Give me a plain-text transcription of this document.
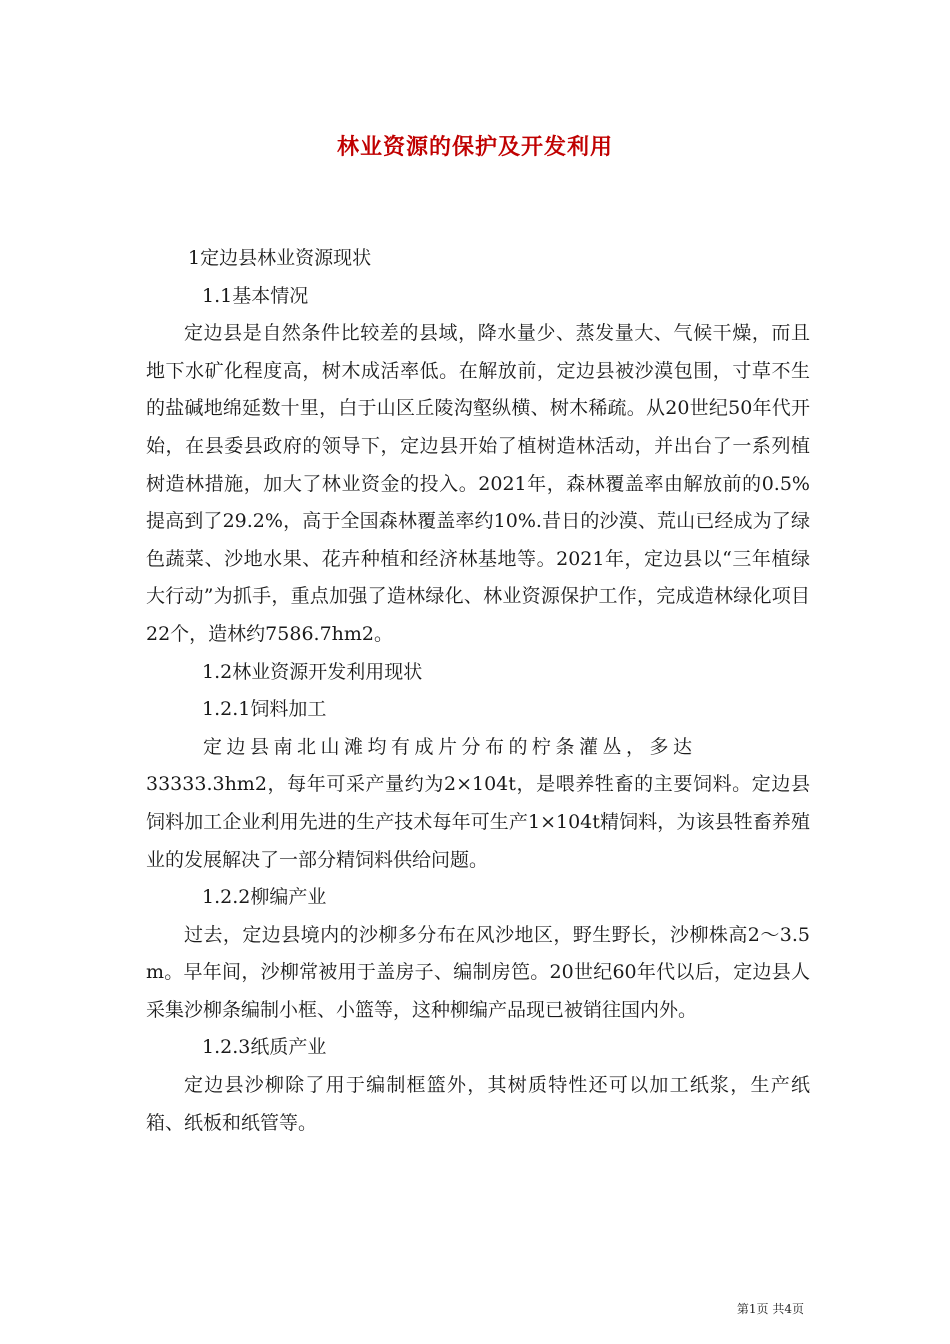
林业资源的保护及开发利用

1定边县林业资源现状

1.1基本情况

定边县是自然条件比较差的县域，降水量少、蒸发量大、气候干燥，而且地下水矿化程度高，树木成活率低。在解放前，定边县被沙漠包围，寸草不生的盐碱地绵延数十里，白于山区丘陵沟壑纵横、树木稀疏。从20世纪50年代开始，在县委县政府的领导下，定边县开始了植树造林活动，并出台了一系列植树造林措施，加大了林业资金的投入。2021年，森林覆盖率由解放前的0.5%提高到了29.2%，高于全国森林覆盖率约10%.昔日的沙漠、荒山已经成为了绿色蔬菜、沙地水果、花卉种植和经济林基地等。2021年，定边县以“三年植绿大行动”为抓手，重点加强了造林绿化、林业资源保护工作，完成造林绿化项目22个，造林约7586.7hm2。

1.2林业资源开发利用现状

1.2.1饲料加工

定边县南北山滩均有成片分布的柠条灌丛，多达

33333.3hm2，每年可采产量约为2×104t，是喂养牲畜的主要饲料。定边县饲料加工企业利用先进的生产技术每年可生产1×104t精饲料，为该县牲畜养殖业的发展解决了一部分精饲料供给问题。

1.2.2柳编产业

过去，定边县境内的沙柳多分布在风沙地区，野生野长，沙柳株高2～3.5m。早年间，沙柳常被用于盖房子、编制房笆。20世纪60年代以后，定边县人采集沙柳条编制小框、小篮等，这种柳编产品现已被销往国内外。

1.2.3纸质产业

定边县沙柳除了用于编制框篮外，其树质特性还可以加工纸浆，生产纸箱、纸板和纸管等。

第1页 共4页
